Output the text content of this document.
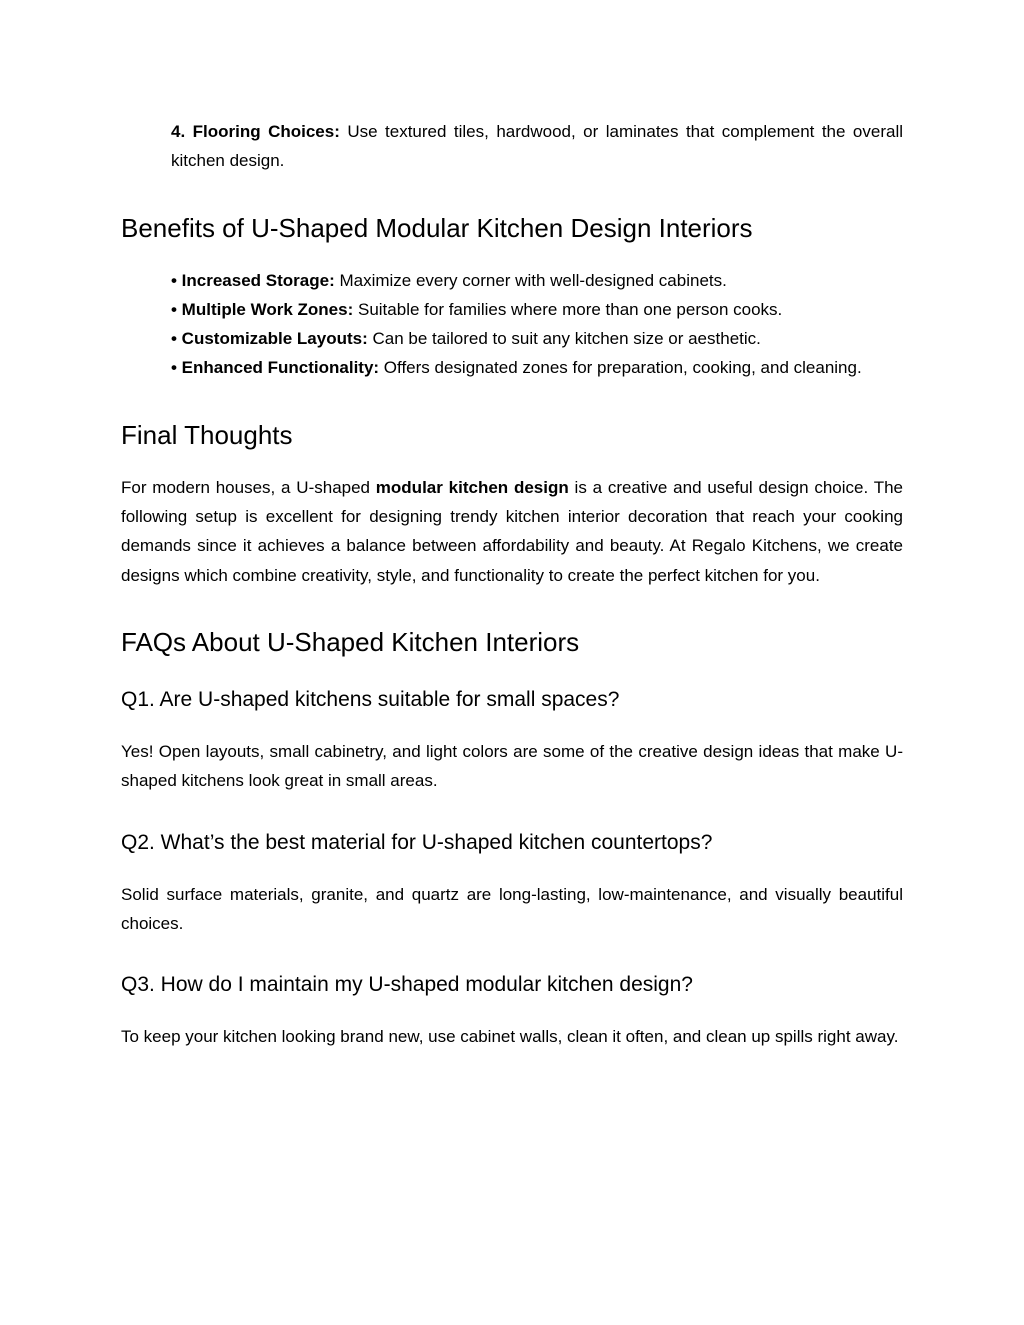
4. Flooring Choices: Use textured tiles, hardwood, or laminates that complement the overall kitchen design.

Benefits of U-Shaped Modular Kitchen Design Interiors
• Increased Storage: Maximize every corner with well-designed cabinets.
• Multiple Work Zones: Suitable for families where more than one person cooks.
• Customizable Layouts: Can be tailored to suit any kitchen size or aesthetic.
• Enhanced Functionality: Offers designated zones for preparation, cooking, and cleaning.
Final Thoughts

For modern houses, a U-shaped modular kitchen design is a creative and useful design choice. The following setup is excellent for designing trendy kitchen interior decoration that reach your cooking demands since it achieves a balance between affordability and beauty. At Regalo Kitchens, we create designs which combine creativity, style, and functionality to create the perfect kitchen for you.

FAQs About U-Shaped Kitchen Interiors
Q1. Are U-shaped kitchens suitable for small spaces?

Yes! Open layouts, small cabinetry, and light colors are some of the creative design ideas that make U-shaped kitchens look great in small areas.

Q2. What’s the best material for U-shaped kitchen countertops?

Solid surface materials, granite, and quartz are long-lasting, low-maintenance, and visually beautiful choices.

Q3. How do I maintain my U-shaped modular kitchen design?

To keep your kitchen looking brand new, use cabinet walls, clean it often, and clean up spills right away.
